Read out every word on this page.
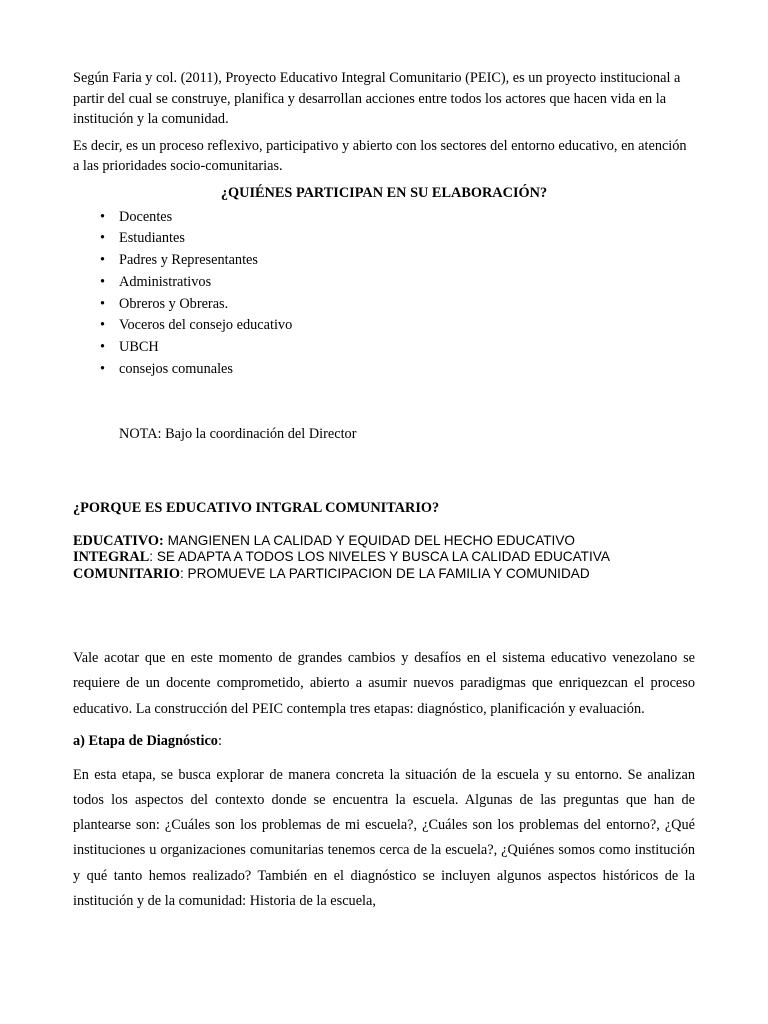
Según Faria y col. (2011), Proyecto Educativo Integral Comunitario (PEIC), es un proyecto institucional a partir del cual se construye, planifica y desarrollan acciones entre todos los actores que hacen vida en la institución y la comunidad.

Es decir, es un proceso reflexivo, participativo y abierto con los sectores del entorno educativo, en atención a las prioridades socio-comunitarias.

¿QUIÉNES PARTICIPAN EN SU ELABORACIÓN?
• Docentes
• Estudiantes
• Padres y Representantes
• Administrativos
• Obreros y Obreras.
• Voceros del consejo educativo
• UBCH
• consejos comunales
NOTA: Bajo la coordinación del Director
¿PORQUE ES EDUCATIVO INTGRAL COMUNITARIO?
EDUCATIVO: MANGIENEN LA CALIDAD Y EQUIDAD DEL HECHO EDUCATIVO
INTEGRAL: SE ADAPTA A TODOS LOS NIVELES Y BUSCA LA CALIDAD EDUCATIVA
COMUNITARIO: PROMUEVE LA PARTICIPACION DE LA FAMILIA Y COMUNIDAD

Vale acotar que en este momento de grandes cambios y desafíos en el sistema educativo venezolano se requiere de un docente comprometido, abierto a asumir nuevos paradigmas que enriquezcan el proceso educativo. La construcción del PEIC contempla tres etapas: diagnóstico, planificación y evaluación.

a) Etapa de Diagnóstico:

En esta etapa, se busca explorar de manera concreta la situación de la escuela y su entorno. Se analizan todos los aspectos del contexto donde se encuentra la escuela. Algunas de las preguntas que han de plantearse son: ¿Cuáles son los problemas de mi escuela?, ¿Cuáles son los problemas del entorno?, ¿Qué instituciones u organizaciones comunitarias tenemos cerca de la escuela?, ¿Quiénes somos como institución y qué tanto hemos realizado? También en el diagnóstico se incluyen algunos aspectos históricos de la institución y de la comunidad: Historia de la escuela,
